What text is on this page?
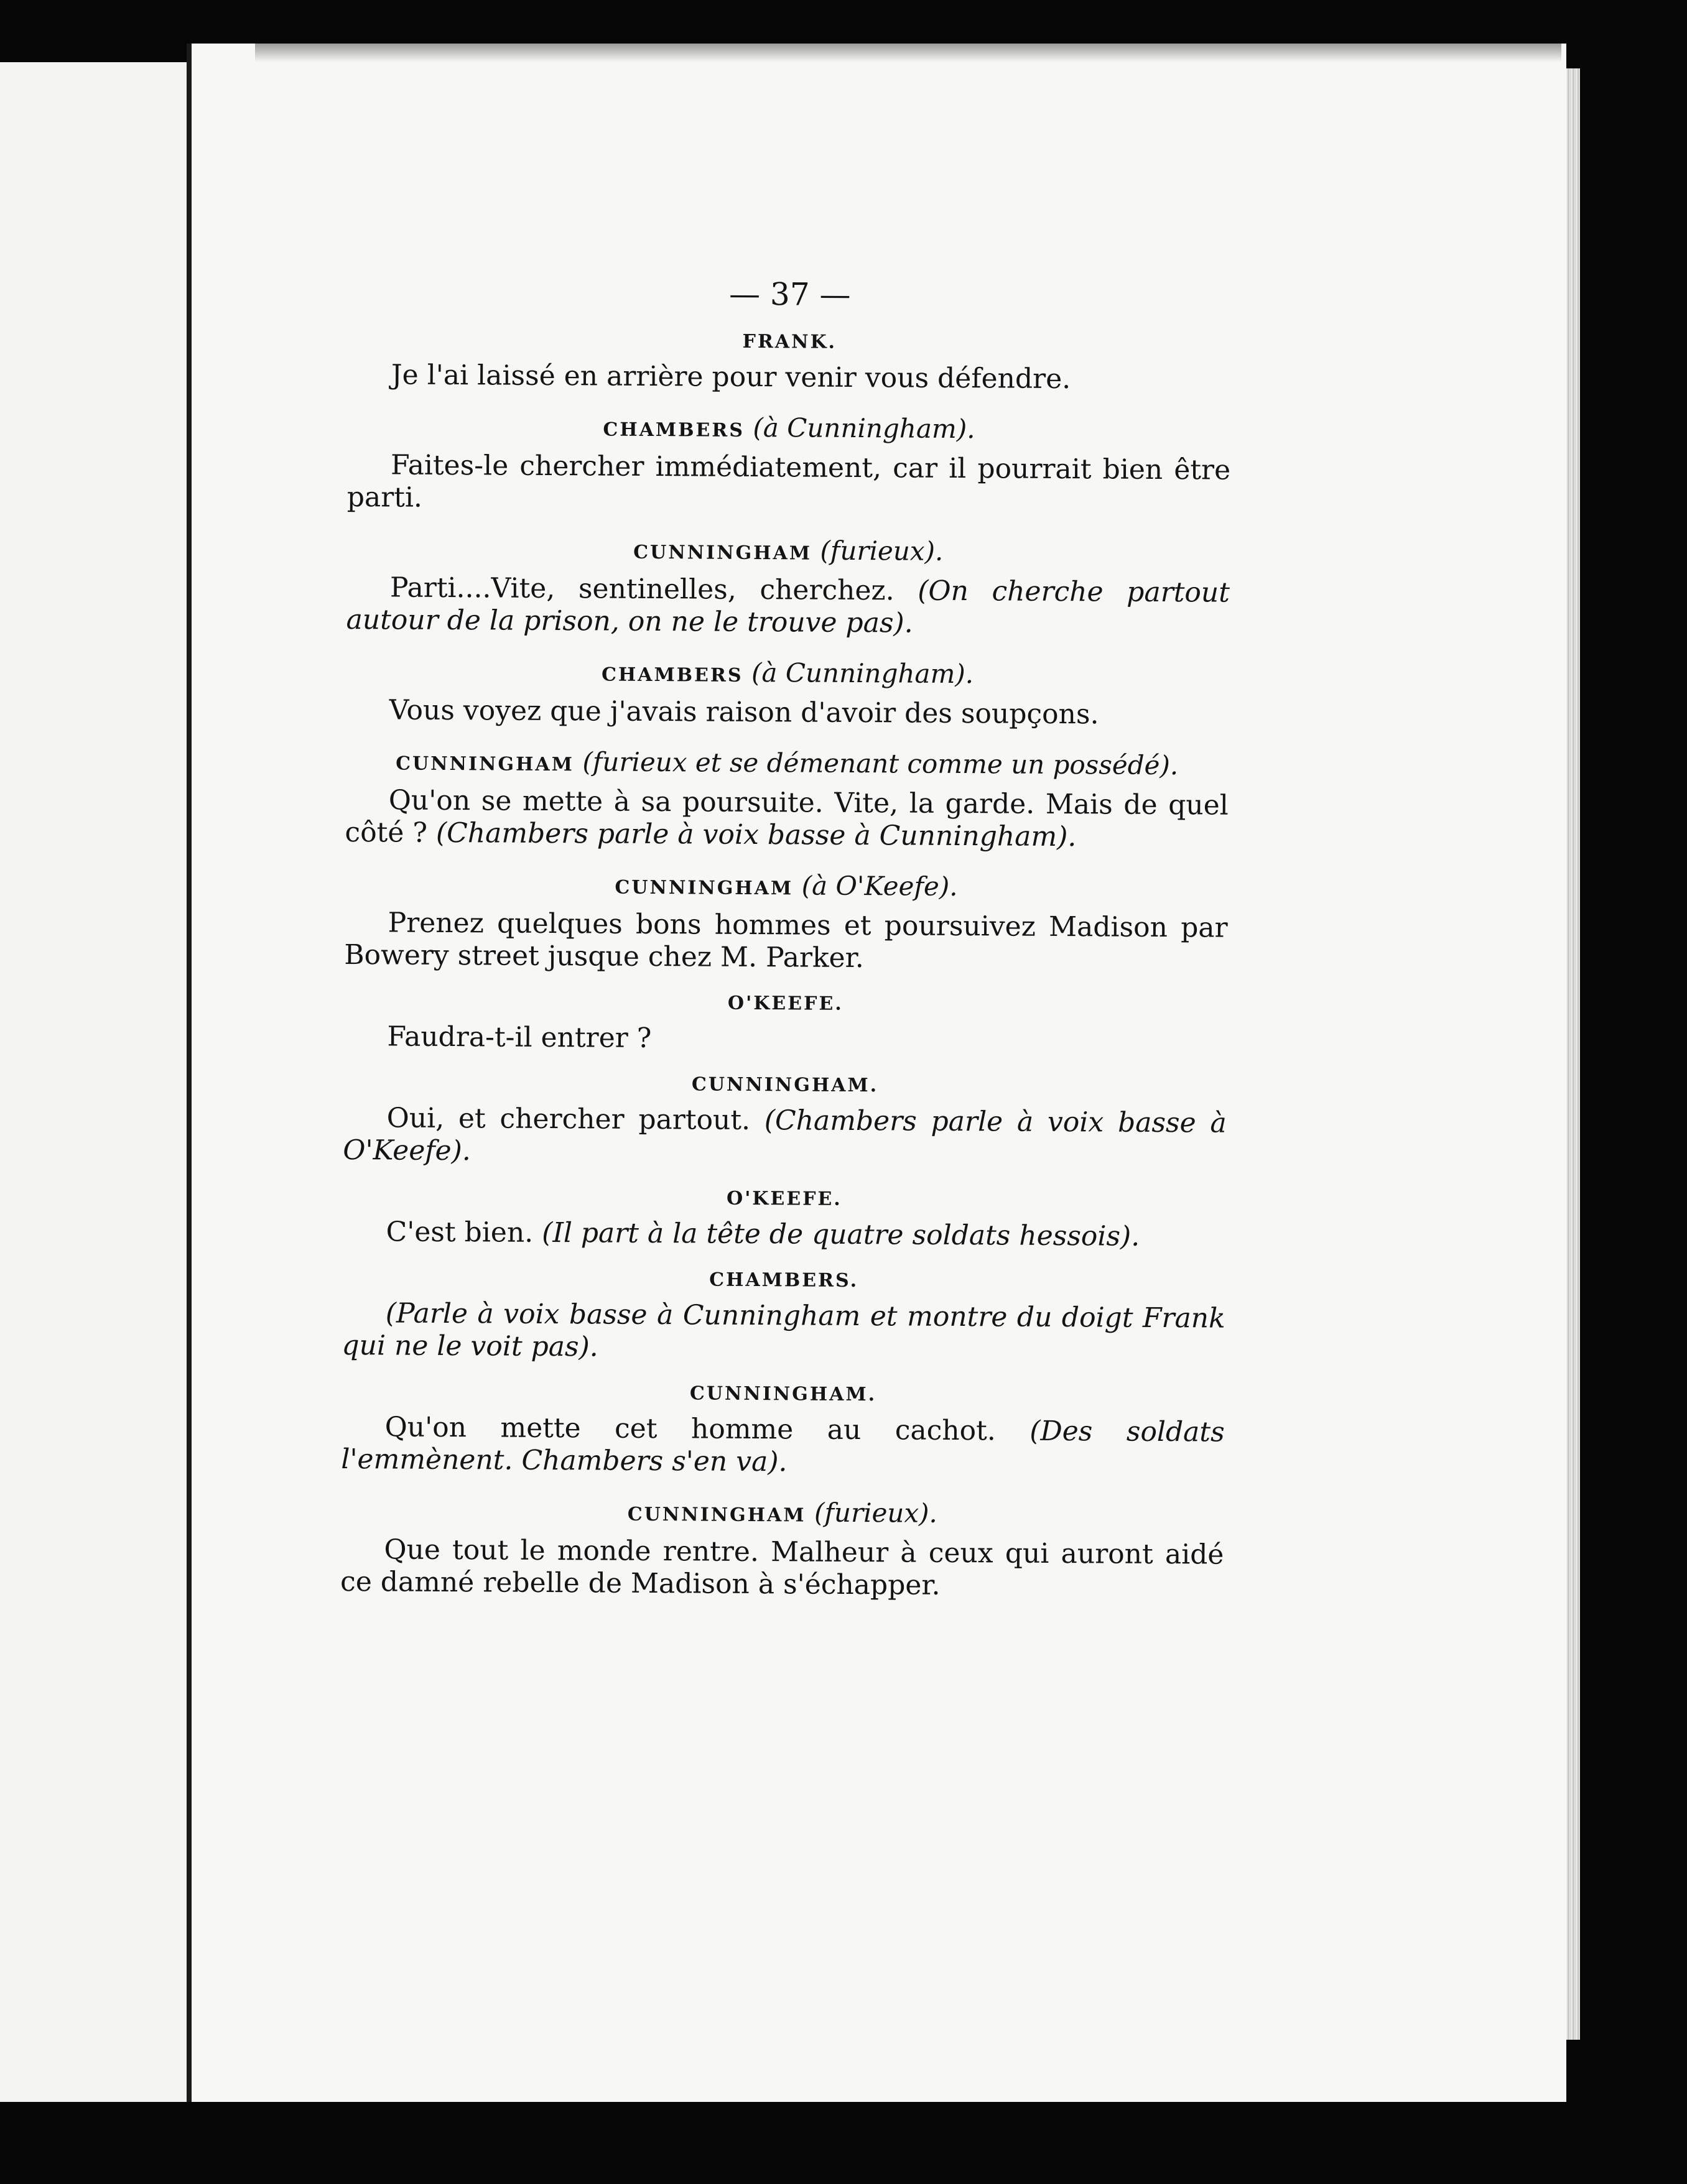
— 37 —
FRANK.

Je l'ai laissé en arrière pour venir vous défendre.

CHAMBERS (à Cunningham).

Faites-le chercher immédiatement, car il pourrait bien être parti.

CUNNINGHAM (furieux).

Parti....Vite, sentinelles, cherchez. (On cherche partout autour de la prison, on ne le trouve pas).

CHAMBERS (à Cunningham).

Vous voyez que j'avais raison d'avoir des soupçons.

CUNNINGHAM (furieux et se démenant comme un possédé).

Qu'on se mette à sa poursuite. Vite, la garde. Mais de quel côté ? (Chambers parle à voix basse à Cunningham).

CUNNINGHAM (à O'Keefe).

Prenez quelques bons hommes et poursuivez Madison par Bowery street jusque chez M. Parker.

O'KEEFE.

Faudra-t-il entrer ?

CUNNINGHAM.

Oui, et chercher partout. (Chambers parle à voix basse à O'Keefe).

O'KEEFE.

C'est bien. (Il part à la tête de quatre soldats hessois).

CHAMBERS.

(Parle à voix basse à Cunningham et montre du doigt Frank qui ne le voit pas).

CUNNINGHAM.

Qu'on mette cet homme au cachot. (Des soldats l'emmènent. Chambers s'en va).

CUNNINGHAM (furieux).

Que tout le monde rentre. Malheur à ceux qui auront aidé ce damné rebelle de Madison à s'échapper.
